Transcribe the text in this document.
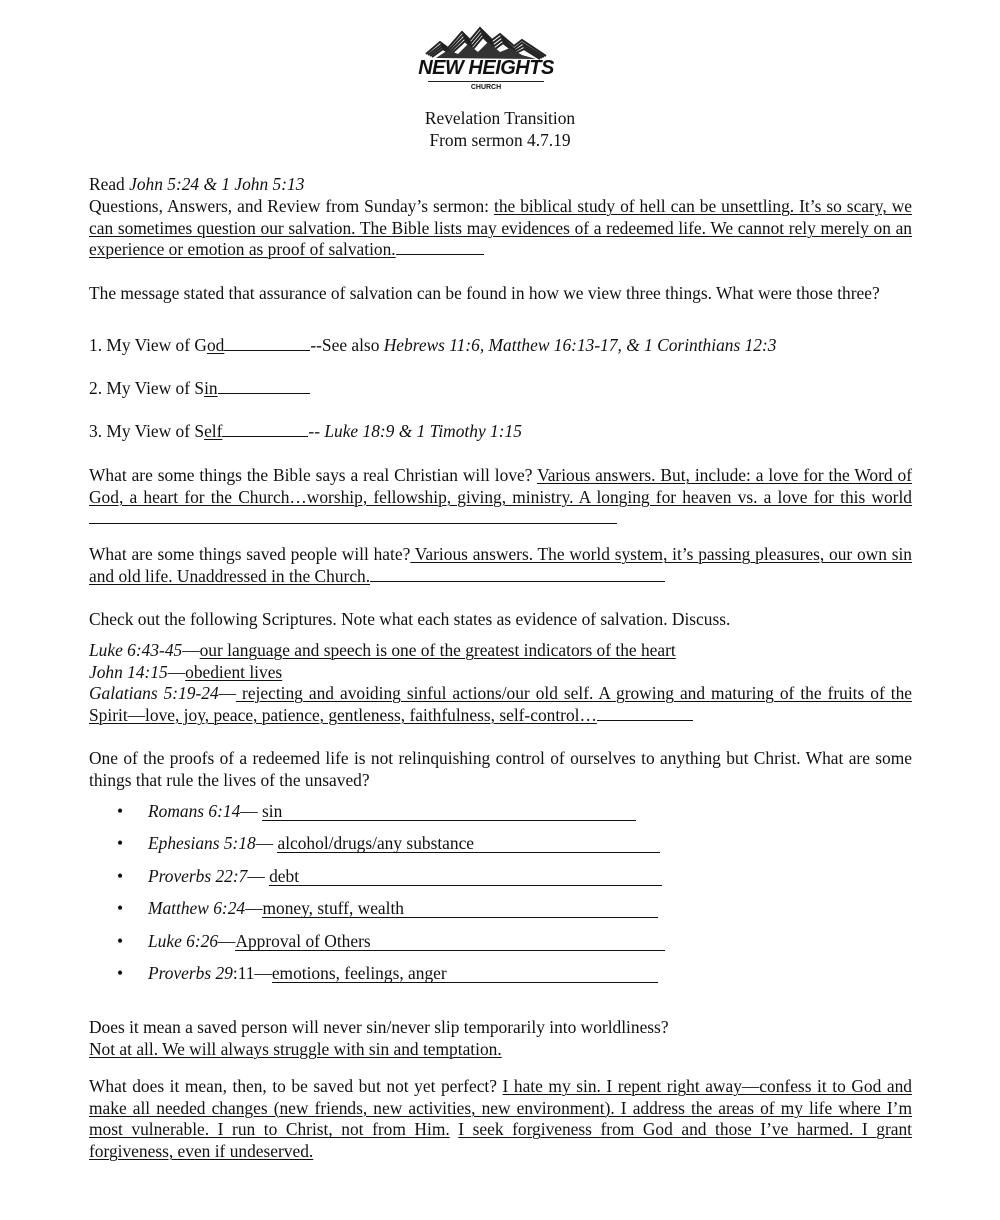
NEW HEIGHTS
CHURCH
Revelation Transition
From sermon 4.7.19
Read John 5:24 & 1 John 5:13
Questions, Answers, and Review from Sunday’s sermon: the biblical study of hell can be unsettling. It’s so scary, we can sometimes question our salvation. The Bible lists may evidences of a redeemed life. We cannot rely merely on an experience or emotion as proof of salvation.
The message stated that assurance of salvation can be found in how we view three things. What were those three?
1. My View of God	--See also Hebrews 11:6, Matthew 16:13-17, & 1 Corinthians 12:3
2. My View of Sin
3. My View of Self	-- Luke 18:9 & 1 Timothy 1:15
What are some things the Bible says a real Christian will love? Various answers. But, include: a love for the Word of God, a heart for the Church…worship, fellowship, giving, ministry. A longing for heaven vs. a love for this world
What are some things saved people will hate? Various answers. The world system, it’s passing pleasures, our own sin and old life. Unaddressed in the Church.
Check out the following Scriptures. Note what each states as evidence of salvation. Discuss.
Luke 6:43-45—our language and speech is one of the greatest indicators of the heart
John 14:15—obedient lives
Galatians 5:19-24— rejecting and avoiding sinful actions/our old self. A growing and maturing of the fruits of the Spirit—love, joy, peace, patience, gentleness, faithfulness, self-control…
One of the proofs of a redeemed life is not relinquishing control of ourselves to anything but Christ. What are some things that rule the lives of the unsaved?
• Romans 6:14— sin
• Ephesians 5:18— alcohol/drugs/any substance
• Proverbs 22:7— debt
• Matthew 6:24—money, stuff, wealth
• Luke 6:26—Approval of Others
• Proverbs 29:11—emotions, feelings, anger
Does it mean a saved person will never sin/never slip temporarily into worldliness?
Not at all. We will always struggle with sin and temptation.
What does it mean, then, to be saved but not yet perfect? I hate my sin. I repent right away—confess it to God and make all needed changes (new friends, new activities, new environment). I address the areas of my life where I’m most vulnerable. I run to Christ, not from Him. I seek forgiveness from God and those I’ve harmed. I grant forgiveness, even if undeserved.
